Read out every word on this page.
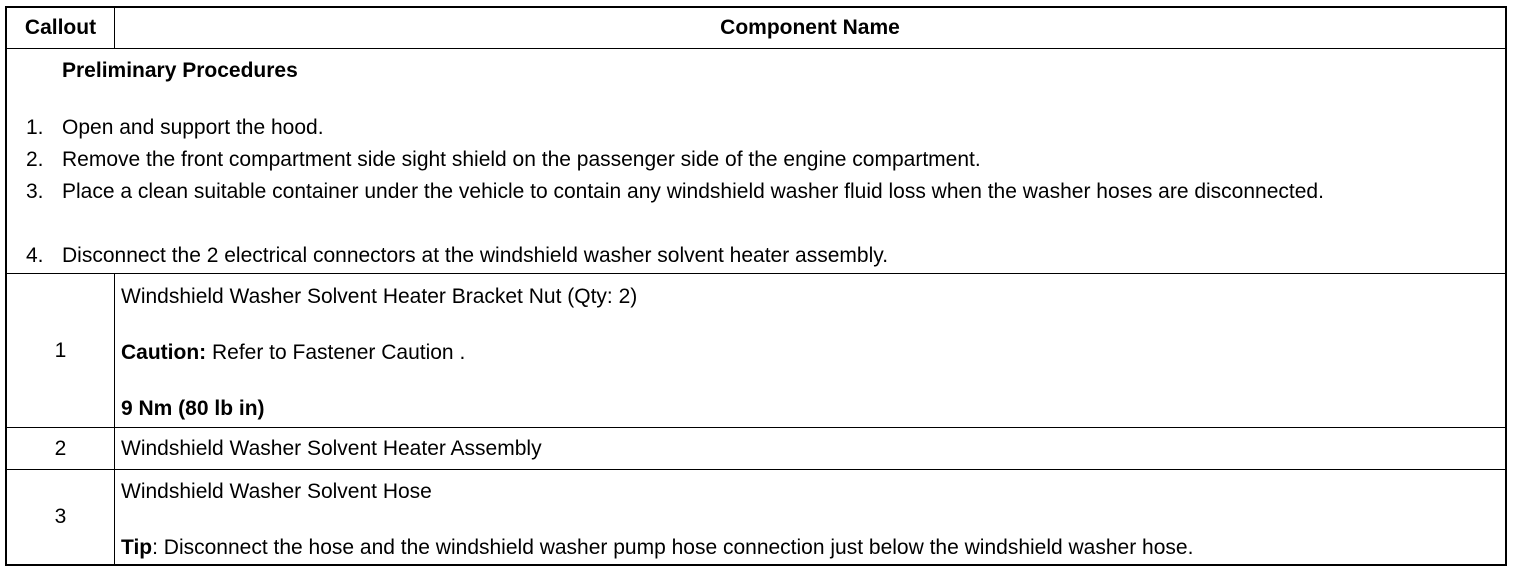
Callout	Component Name
Preliminary Procedures
1. Open and support the hood.
2. Remove the front compartment side sight shield on the passenger side of the engine compartment.
3. Place a clean suitable container under the vehicle to contain any windshield washer fluid loss when the washer hoses are disconnected.
4. Disconnect the 2 electrical connectors at the windshield washer solvent heater assembly.
1
Windshield Washer Solvent Heater Bracket Nut (Qty: 2)
Caution: Refer to Fastener Caution .
9 Nm (80 lb in)
2	Windshield Washer Solvent Heater Assembly
3
Windshield Washer Solvent Hose
Tip: Disconnect the hose and the windshield washer pump hose connection just below the windshield washer hose.
